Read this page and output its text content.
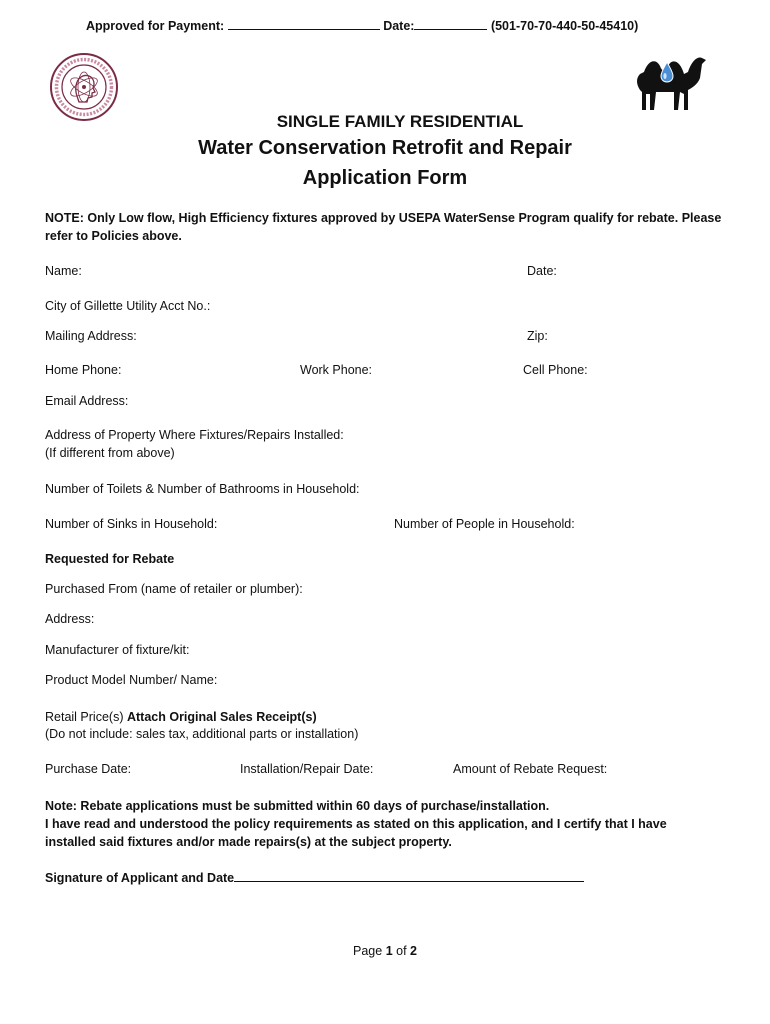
Approved for Payment:	Date:	(501-70-70-440-50-45410)
SINGLE FAMILY RESIDENTIAL
Water Conservation Retrofit and Repair
Application Form
NOTE: Only Low flow, High Efficiency fixtures approved by USEPA WaterSense Program qualify for rebate. Please refer to Policies above.
Name:	Date:
City of Gillette Utility Acct No.:
Mailing Address:	Zip:
Home Phone:	Work Phone:	Cell Phone:
Email Address:
Address of Property Where Fixtures/Repairs Installed:
(If different from above)
Number of Toilets & Number of Bathrooms in Household:
Number of Sinks in Household:	Number of People in Household:
Requested for Rebate
Purchased From (name of retailer or plumber):
Address:
Manufacturer of fixture/kit:
Product Model Number/ Name:
Retail Price(s) Attach Original Sales Receipt(s)
(Do not include: sales tax, additional parts or installation)
Purchase Date:	Installation/Repair Date:	Amount of Rebate Request:
Note: Rebate applications must be submitted within 60 days of purchase/installation.
I have read and understood the policy requirements as stated on this application, and I certify that I have installed said fixtures and/or made repairs(s) at the subject property.
Signature of Applicant and Date
Page 1 of 2
